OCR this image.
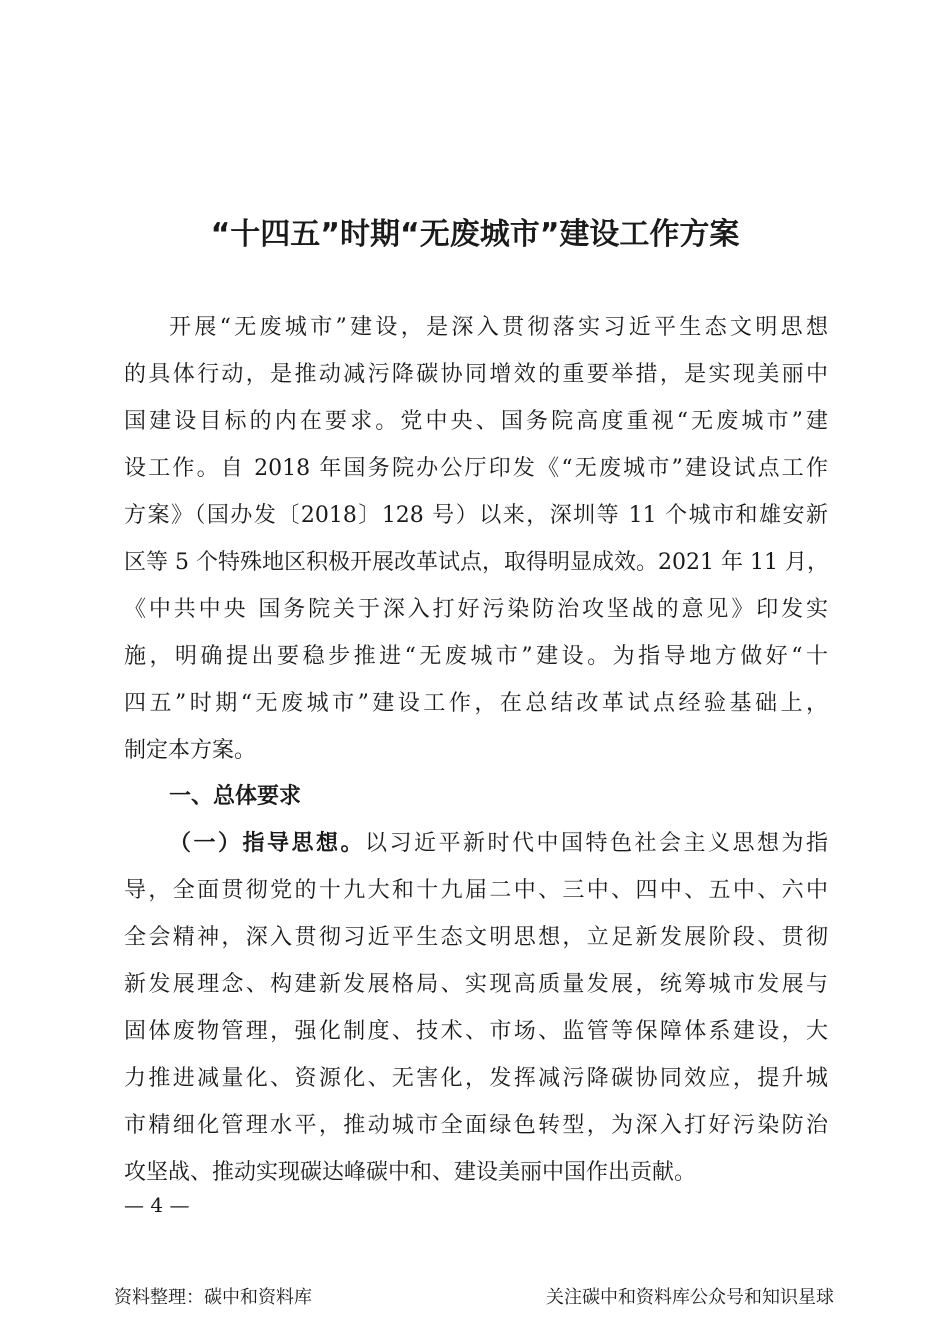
“十四五”时期“无废城市”建设工作方案

开展“无废城市”建设，是深入贯彻落实习近平生态文明思想

的具体行动，是推动减污降碳协同增效的重要举措，是实现美丽中

国建设目标的内在要求。党中央、国务院高度重视“无废城市”建

设工作。自 2018 年国务院办公厅印发《“无废城市”建设试点工作

方案》（国办发〔2018〕128 号）以来，深圳等 11 个城市和雄安新

区等 5 个特殊地区积极开展改革试点，取得明显成效。2021 年 11 月，

《中共中央 国务院关于深入打好污染防治攻坚战的意见》印发实

施，明确提出要稳步推进“无废城市”建设。为指导地方做好“十

四五”时期“无废城市”建设工作，在总结改革试点经验基础上，

制定本方案。

一、总体要求

（一）指导思想。以习近平新时代中国特色社会主义思想为指

导，全面贯彻党的十九大和十九届二中、三中、四中、五中、六中

全会精神，深入贯彻习近平生态文明思想，立足新发展阶段、贯彻

新发展理念、构建新发展格局、实现高质量发展，统筹城市发展与

固体废物管理，强化制度、技术、市场、监管等保障体系建设，大

力推进减量化、资源化、无害化，发挥减污降碳协同效应，提升城

市精细化管理水平，推动城市全面绿色转型，为深入打好污染防治

攻坚战、推动实现碳达峰碳中和、建设美丽中国作出贡献。

— 4 —

资料整理：碳中和资料库	关注碳中和资料库公众号和知识星球
